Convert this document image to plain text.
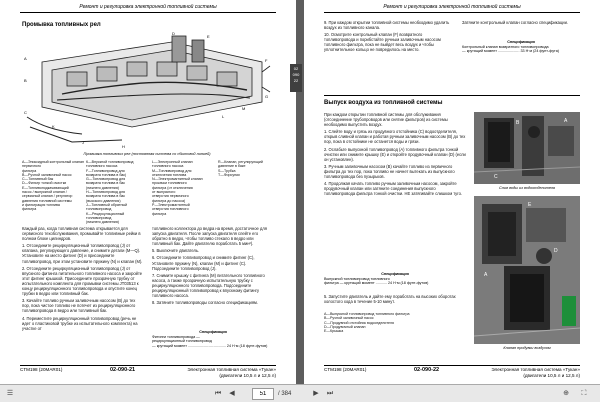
Ремонт и регулировка электронной топливной системы
Промывка топливных рел
A
B
C
D
E
F
G
H
J
K
L
M
Промывка топливных рел (постоянная система со сбытовой линией)
А—Эпоксидный контрольный клапан первичного
фильтра
B—Ручной заливочный насос
C—Топливный бак
D—Фильтр тонкой очистки
E—Топливоподкачивающий
насос / выпускной клапан /
сервисный клапан / регулятор
давления топливной системы
и фильтрация топлива
фильтра
К—Впускной топливопровод
топливного насоса
F—Топливопровод для
возврата топлива в бак)
G—Топливопровод для
возврата топлива в бак
(нижнего давления)
H—Топливопровод для
возврата топлива в бак
(высокого давления)
J—Топливный обратный
топливопровод
K—Рециркуляционный
топливопровод
(нижнего давления)
L—Электронный клапан
топливного насоса
M—Топливопровод для
отключения топлива
N—Электромагнитный клапан
прокачки топливного
фильтра (от отключения
от выпускного
отверстия первичного
фильтра до насоса)
P—Электромагнитный
отверстия топливного
фильтра
R—Клапан, регулирующий
давление в баке
S—Трубка
T—Форсунки

Каждый раз, когда топливная система открывается для сервисного техобслуживания, промывайте топливные рейки в полном блоке цилиндров.

1. Отсоедините рециркуляционный топливопровод (J) от клапана, регулирующего давление, и снимите детали (M—Q). Установите на место фитинг (D) и присоедините топливопровод, при этом установите пружину (N) и клапан (М).

2. Отсоедините рециркуляционный топливопровод (J) от впускного фитинга питательного топливного насоса и закройте этот фитинг крышкой. Присоедините прозрачную трубку от испытательного комплекта для промывки системы JT03513 к концу рециркуляционного топливопровода и опустите конец трубки в ведро или топливный бак.

3. Качайте топливо ручным заливочным насосом (B) до тех пор, пока чистое топливо не потечет из рециркуляционного топливопровода в ведро или топливный бак.

4. Переместите рециркуляционный топливопровод (речь не идет о пластиковой трубке из испытательного комплекта) на участке от

топливного коллектора до ведра на время, достаточное для запуска двигателя. После запуска двигателя слейте его обратно в ведро, чтобы топливо стекало в ведро или топливный бак. Дайте двигателю поработать 5 мин²).

5. Выключите двигатель.

6. Отсоедините топливопровод и снимите фитинг (C), Установите пружину (N), клапан (M) и фитинг (C). Подсоедините топливопровод (J).

7. Снимите крышку с фитинга (M) питательного топливного насоса, а также прозрачную испытательную трубку с рециркуляционного топливопровода. Подсоедините рециркуляционный топливопровод к впускному фитингу топливного насоса.

8. Затяните топливопроводы согласно спецификациям.

Спецификация
Фитинги топливопровода —
рециркуляционный топливопровод
— крутящий момент ..................................... 24 Н·м (18 фунт-футов)
CTM198 (20MAR01)	02-090-21	Электронная топливная система «Тукан»
(двигатели 10,5 л и 12,5 л)
02
090
22
Ремонт и регулировка электронной топливной системы

9. При каждом открытии топливной системы необходимо удалить воздух из топливного канала.

10. Осмотрите контрольный клапан (F) возвратного топливопровода и порибстайте ручным заливочным насосом топливного фильтра, пока не выйдет весь воздух и чтобы уплотнительное кольцо не повредилось на место.

Затяните контрольный клапан согласно спецификации.
Спецификация
Контрольный клапан возвратного топливопровода
— крутящий момент ..................... 33 Н·м (24 фунт-фута)
Выпуск воздуха из топливной системы

При каждом открытии топливной системы для обслуживания (отсоединение трубопроводов или снятие фильтров) из системы необходимо выпустить воздух.

1. Слейте воду и грязь из продувного отстойника (C) водоотделителя, открыв сливной клапан и работая ручным заливочным насосом (В) до тех пор, пока в отстойнике не останется воды и грязи.

2. Ослабьте выпускной топливопровод (A) топливного фильтра тонкой очистки или снимите крышку (E) и откройте продувочный клапан (D) (если он установлен).

3. Ручным заливочным насосом (B) качайте топливо из первичного фильтра до тех пор, пока топливо не начнет вытекать из выпускного топливопровода без пузырьков.

4. Продолжая качать топливо ручным заливочным насосом, закройте продувочный клапан или затяните соединения выпускного топливопровода фильтра тонкой очистки. НЕ затягивайте слишком туго.

Спецификация
Выпускной топливопровод топливного
фильтра — крутящий момент ........... 24 Н·м (18 фунт-футов)
5. Запустите двигатель и дайте ему поработать на высоких оборотах холостого хода в течение 5-10 минут.
A—Выпускной топливопровод топливного фильтра
B—Ручной заливочный насос
C—Продувной отстойник водоотделителя
D—Продувочный клапан
E—Крышка
B
C
A
Слив воды из водоотделителя
E
D
A
Клапан продувки воздухом
CTM198 (20MAR01)	02-090-22	Электронная топливная система «Тукан»
(двигатели 10,5 л и 12,5 л)
☰	⏮	◀
51	/ 384	▶	⏭	⊕	⛶
